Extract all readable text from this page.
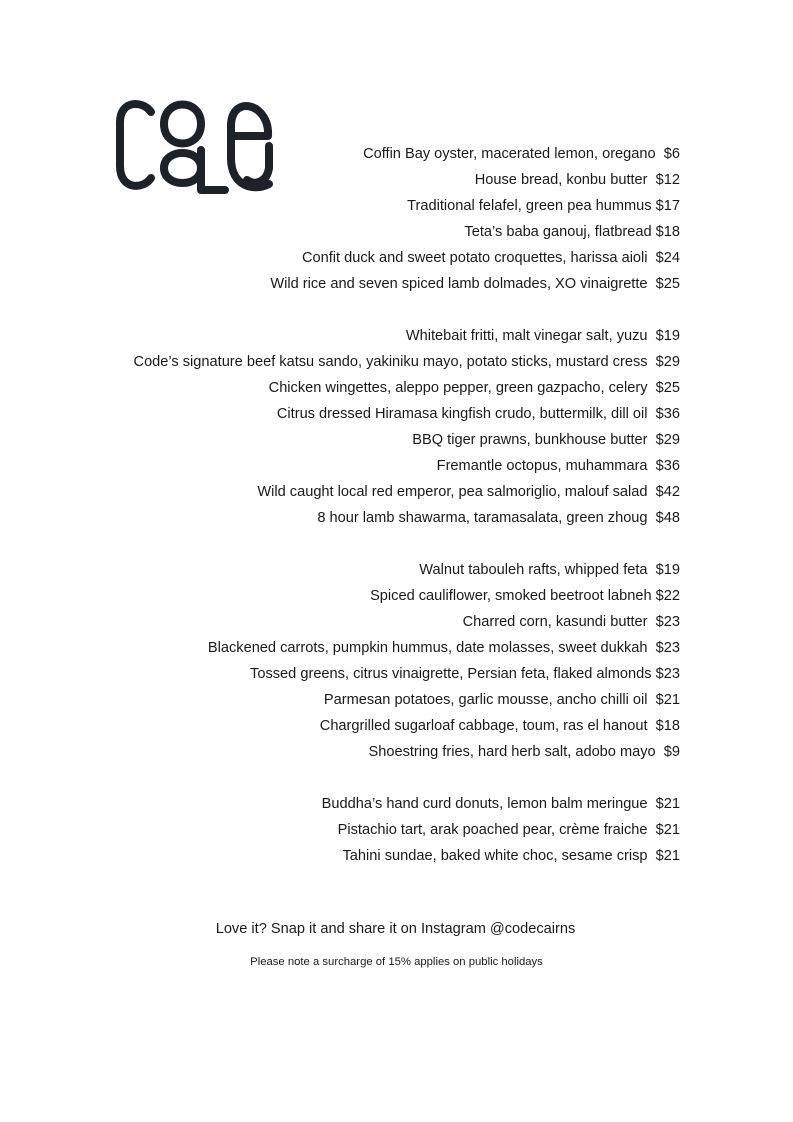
Coffin Bay oyster, macerated lemon, oregano  $6
House bread, konbu butter  $12
Traditional felafel, green pea hummus $17
Teta’s baba ganouj, flatbread $18
Confit duck and sweet potato croquettes, harissa aioli  $24
Wild rice and seven spiced lamb dolmades, XO vinaigrette  $25
Whitebait fritti, malt vinegar salt, yuzu  $19
Code’s signature beef katsu sando, yakiniku mayo, potato sticks, mustard cress  $29
Chicken wingettes, aleppo pepper, green gazpacho, celery  $25
Citrus dressed Hiramasa kingfish crudo, buttermilk, dill oil  $36
BBQ tiger prawns, bunkhouse butter  $29
Fremantle octopus, muhammara  $36
Wild caught local red emperor, pea salmoriglio, malouf salad  $42
8 hour lamb shawarma, taramasalata, green zhoug  $48
Walnut tabouleh rafts, whipped feta  $19
Spiced cauliflower, smoked beetroot labneh $22
Charred corn, kasundi butter  $23
Blackened carrots, pumpkin hummus, date molasses, sweet dukkah  $23
Tossed greens, citrus vinaigrette, Persian feta, flaked almonds $23
Parmesan potatoes, garlic mousse, ancho chilli oil  $21
Chargrilled sugarloaf cabbage, toum, ras el hanout  $18
Shoestring fries, hard herb salt, adobo mayo  $9
Buddha’s hand curd donuts, lemon balm meringue  $21
Pistachio tart, arak poached pear, crème fraiche  $21
Tahini sundae, baked white choc, sesame crisp  $21
Love it? Snap it and share it on Instagram @codecairns
Please note a surcharge of 15% applies on public holidays
